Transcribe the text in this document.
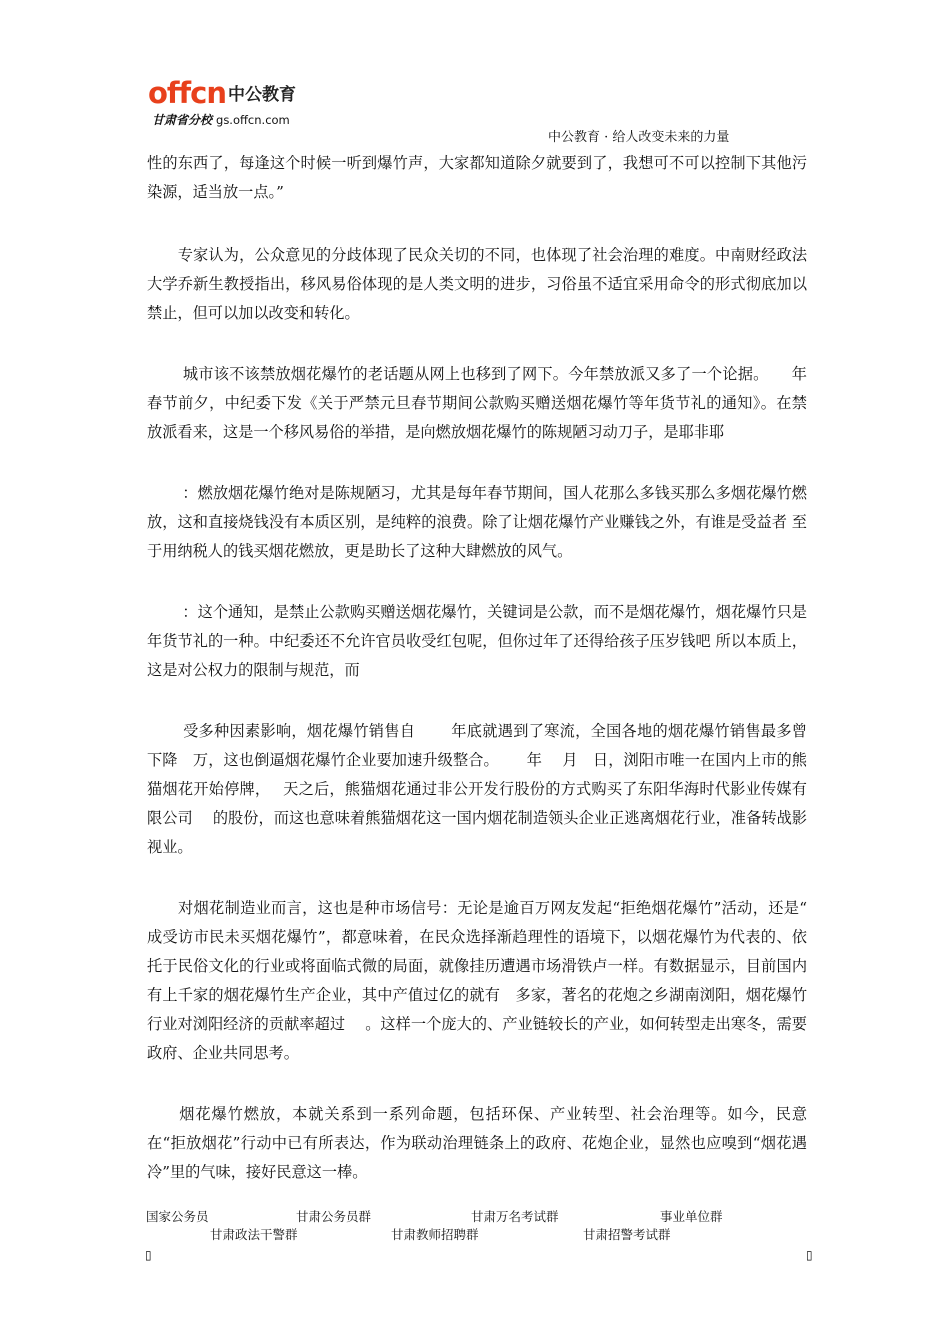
offcn 中公教育
甘肃省分校 gs.offcn.com
中公教育 · 给人改变未来的力量

性的东西了，每逢这个时候一听到爆竹声，大家都知道除夕就要到了，我想可不可以控制下其他污染源，适当放一点。”

　　专家认为，公众意见的分歧体现了民众关切的不同，也体现了社会治理的难度。中南财经政法大学乔新生教授指出，移风易俗体现的是人类文明的进步，习俗虽不适宜采用命令的形式彻底加以禁止，但可以加以改变和转化。

　　 城市该不该禁放烟花爆竹的老话题从网上也移到了网下。今年禁放派又多了一个论据。　　年春节前夕，中纪委下发《关于严禁元旦春节期间公款购买赠送烟花爆竹等年货节礼的通知》。在禁放派看来，这是一个移风易俗的举措，是向燃放烟花爆竹的陈规陋习动刀子，是耶非耶

　　 ：燃放烟花爆竹绝对是陈规陋习，尤其是每年春节期间，国人花那么多钱买那么多烟花爆竹燃放，这和直接烧钱没有本质区别，是纯粹的浪费。除了让烟花爆竹产业赚钱之外，有谁是受益者 至于用纳税人的钱买烟花燃放，更是助长了这种大肆燃放的风气。

　　 ：这个通知，是禁止公款购买赠送烟花爆竹，关键词是公款，而不是烟花爆竹，烟花爆竹只是年货节礼的一种。中纪委还不允许官员收受红包呢，但你过年了还得给孩子压岁钱吧 所以本质上，这是对公权力的限制与规范，而

　　 受多种因素影响，烟花爆竹销售自　　 年底就遇到了寒流，全国各地的烟花爆竹销售最多曾下降　万，这也倒逼烟花爆竹企业要加速升级整合。　　 年　 月　日，浏阳市唯一在国内上市的熊猫烟花开始停牌，　 天之后，熊猫烟花通过非公开发行股份的方式购买了东阳华海时代影业传媒有限公司　 的股份，而这也意味着熊猫烟花这一国内烟花制造领头企业正逃离烟花行业，准备转战影视业。

　　对烟花制造业而言，这也是种市场信号：无论是逾百万网友发起“拒绝烟花爆竹”活动，还是“　成受访市民未买烟花爆竹”，都意味着，在民众选择渐趋理性的语境下，以烟花爆竹为代表的、依托于民俗文化的行业或将面临式微的局面，就像挂历遭遇市场滑铁卢一样。有数据显示，目前国内有上千家的烟花爆竹生产企业，其中产值过亿的就有　多家，著名的花炮之乡湖南浏阳，烟花爆竹行业对浏阳经济的贡献率超过　 。这样一个庞大的、产业链较长的产业，如何转型走出寒冬，需要政府、企业共同思考。

　　烟花爆竹燃放，本就关系到一系列命题，包括环保、产业转型、社会治理等。如今，民意在“拒放烟花”行动中已有所表达，作为联动治理链条上的政府、花炮企业，显然也应嗅到“烟花遇冷”里的气味，接好民意这一棒。

国家公务员	甘肃公务员群	甘肃万名考试群	事业单位群
甘肃政法干警群	甘肃教师招聘群	甘肃招警考试群
▯	▯
